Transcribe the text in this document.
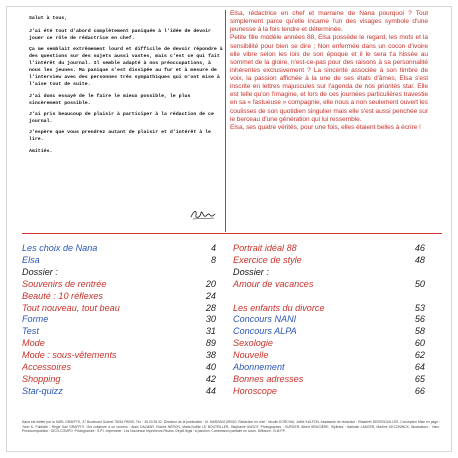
Salut à tous,

J'ai été tout d'abord complètement paniquée à l'idée de devoir jouer ce rôle de rédactrice en chef.

Ça me semblait extrêmement lourd et difficile de devoir répondre à des questions sur des sujets aussi vastes, mais c'est ce qui fait l'intérêt du journal. Il semble adapté à nos préoccupations, à nous les jeunes. Ma panique s'est dissipée au fur et à mesure de l'interview avec des personnes très sympathiques qui m'ont mise à l'aise tout de suite.

J'ai donc essayé de le faire le mieux possible, le plus sincèrement possible.

J'ai pris beaucoup de plaisir à participer à la rédaction de ce journal.

J'espère que vous prendrez autant de plaisir et d'intérêt à le lire.

Amitiés.

Elsa, rédactrice en chef et marraine de Nana pourquoi ? Tout simplement parce qu'elle incarne l'un des visages symbole d'une jeunesse à la fois tendre et déterminée.

Petite fille modèle années 88, Elsa possède le regard, les mots et la sensibilité pour bien se dire ; Non enfermée dans un cocon d'ivoire elle vibre selon les lois de son époque et il le sera t'a hissée au sommet de la gloire, n'est-ce-pas pour des raisons à sa personnalité inhérentes exclusivement ? La sincérité associée à son timbre de voix, la passion affichée à la une de ses états d'âmes, Elsa s'est inscrite en lettres majuscules sur l'agenda de nos priorités star. Elle est telle qu'on l'imagine, et lors de ces journées particulières travestie en sa « fastueuse » compagnie, elle nous a non seulement ouvert les coulisses de son quotidien singulier mais elle s'est aussi penchée sur le berceau d'une génération qui lui ressemble.

Elsa, ses quatre vérités, pour une fois, elles étaient belles à écrire !

Les choix de Nana	4
Elsa	8
Dossier :
Souvenirs de rentrée	20
Beauté : 10 réflexes	24
Tout nouveau, tout beau	28
Forme	30
Test	31
Mode	89
Mode : sous-vêtements	38
Accessoires	40
Shopping	42
Star-quizz	44
Portrait idéal 88	46
Exercice de style	48
Dossier :
Amour de vacances	50
Les enfants du divorce	53
Concours NANI	56
Concours ALPA	58
Sexologie	60
Nouvelle	62
Abonnement	64
Bonnes adresses	65
Horoscope	66

Nana est éditée par la SARL GRAFFITI, 37 Boulevard Suchet 75016 PARIS. Tél. : 45.20.35.32. Directeur de la publication : M. MARZANTURINO. Rédaction en chef : Nicolle KORCHIA, Joëlle KALFON. Assistante de rédaction : Elisabeth DESROGUILLES. Conception Mise en page : Yann K. Publicité : Régie Sarl GRAFFITI. Ont collaboré à ce numéro : Alain DALMAR, Rosine NÉRON, Marie-Noëlle LE BOUTEILLER, Stéphanie ANGOT. Photographes : VURGER, Albert BRUGIÈRE. Stylistes : Nathalie LANGER, Martine DECONINCK. Illustrations : Yann. Photocomposition : DICO-COMPO. Photogravure : S.P.I. Imprimerie : Les Nouveaux Imprimeurs Reunis. Dépôt légal : à parution. Commission paritaire en cours. Diffusion : N.M.P.P.
